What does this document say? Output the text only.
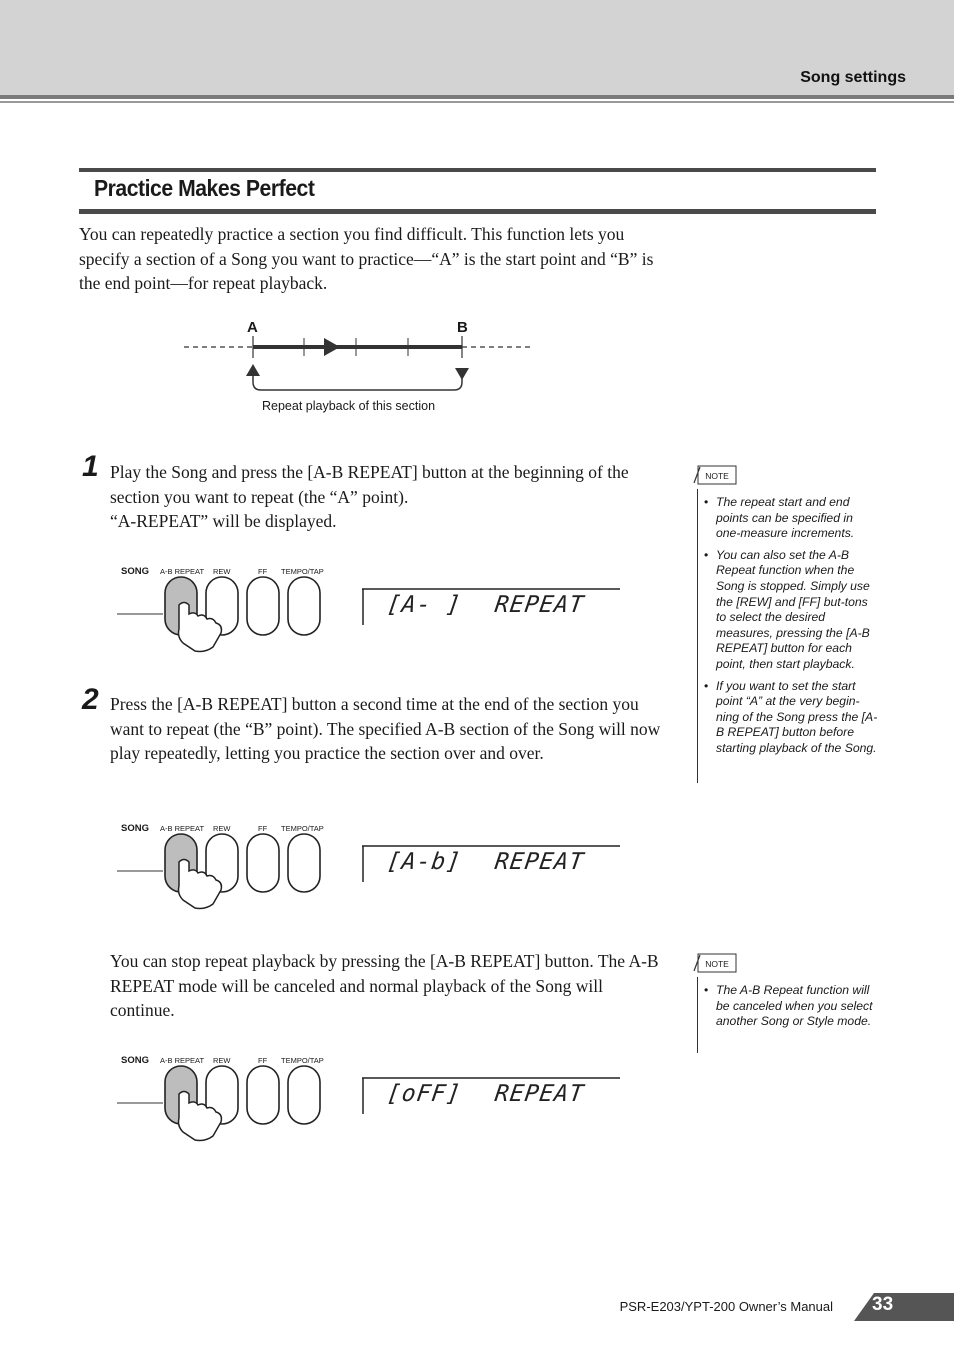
Song settings
Practice Makes Perfect

You can repeatedly practice a section you find difficult. This function lets you specify a section of a Song you want to practice—“A” is the start point and “B” is the end point—for repeat playback.

A	B
Repeat playback of this section
1 Play the Song and press the [A-B REPEAT] button at the beginning of the section you want to repeat (the “A” point).
“A-REPEAT” will be displayed.

SONG A-B REPEAT REW	FF TEMPO/TAP
[A- ] REPEAT
2 Press the [A-B REPEAT] button a second time at the end of the section you want to repeat (the “B” point). The specified A-B section of the Song will now play repeatedly, letting you practice the section over and over.

SONG A-B REPEAT REW	FF TEMPO/TAP
[A-b] REPEAT

You can stop repeat playback by pressing the [A-B REPEAT] button. The A-B REPEAT mode will be canceled and normal playback of the Song will continue.

SONG A-B REPEAT REW	FF TEMPO/TAP
[oFF] REPEAT
NOTE
• The repeat start and end points can be specified in one-measure increments.
• You can also set the A-B Repeat function when the Song is stopped. Simply use the [REW] and [FF] but-tons to select the desired measures, pressing the [A-B REPEAT] button for each point, then start playback.
• If you want to set the start point “A” at the very begin-ning of the Song press the [A-B REPEAT] button before starting playback of the Song.
NOTE
• The A-B Repeat function will be canceled when you select another Song or Style mode.
PSR-E203/YPT-200 Owner’s Manual 33
